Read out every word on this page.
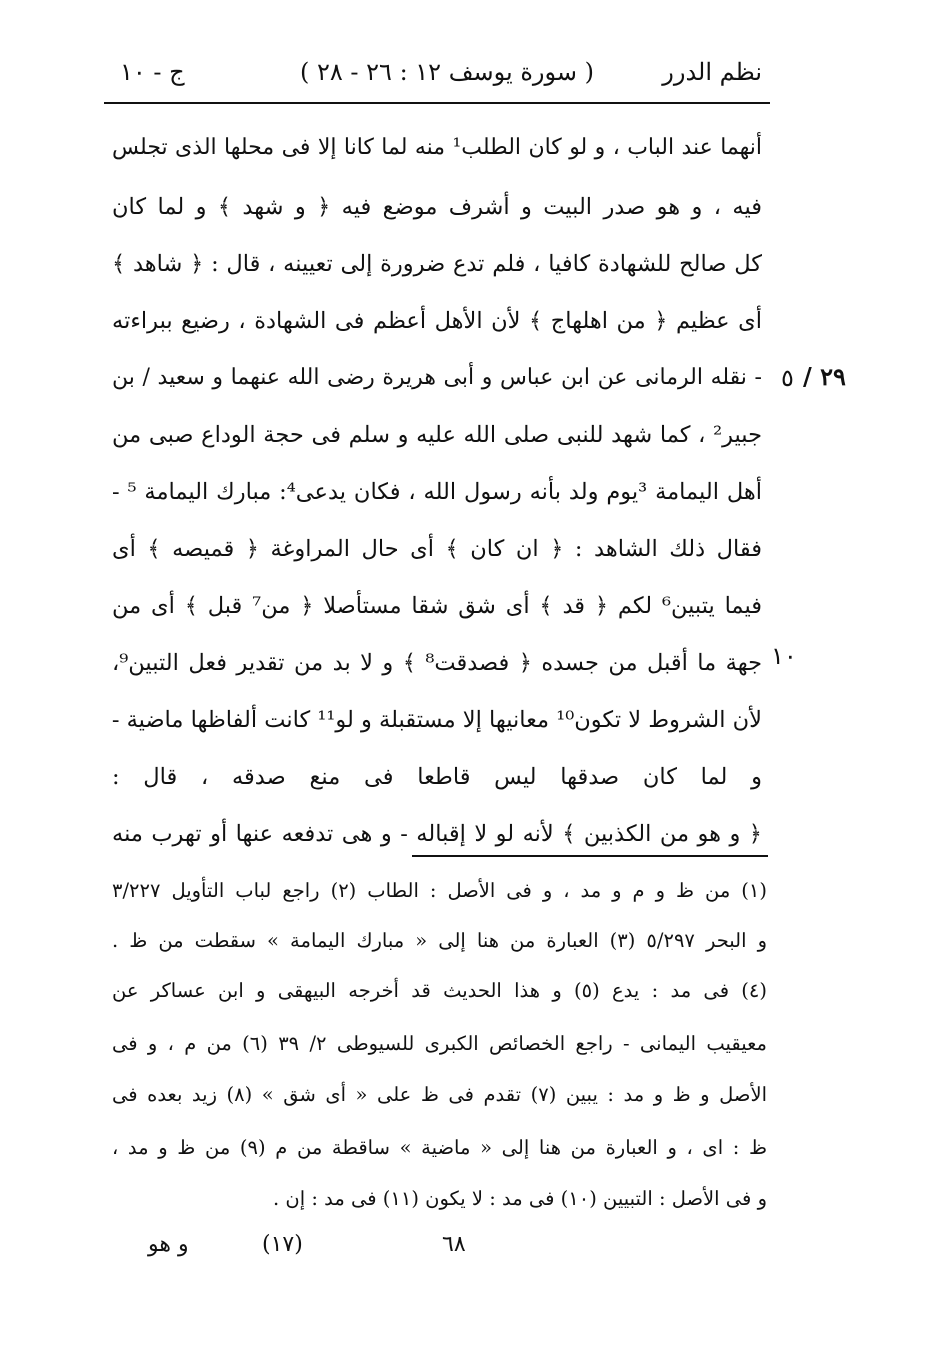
نظم الدرر
( سورة يوسف ١٢ : ٢٦ - ٢٨ )
ج - ١٠
٢٩ /
٥
١٠
أنهما عند الباب ، و لو كان الطلب¹ منه لما كانا إلا فى محلها الذى تجلس
فيه ، و هو صدر البيت و أشرف موضع فيه ﴿ و شهد ﴾ و لما كان
كل صالح للشهادة كافيا ، فلم تدع ضرورة إلى تعيينه ، قال : ﴿ شاهد ﴾
أى عظيم ﴿ من اهلهاج ﴾ لأن الأهل أعظم فى الشهادة ، رضيع ببراءته
- نقله الرمانى عن ابن عباس و أبى هريرة رضى الله عنهما و سعيد / بن
جبير² ، كما شهد للنبى صلى الله عليه و سلم فى حجة الوداع صبى من
أهل اليمامة ³يوم ولد بأنه رسول الله ، فكان يدعى⁴: مبارك اليمامة ⁵ -
فقال ذلك الشاهد : ﴿ ان كان ﴾ أى حال المراوغة ﴿ قميصه ﴾ أى
فيما يتبين⁶ لكم ﴿ قد ﴾ أى شق شقا مستأصلا ﴿ من⁷ قبل ﴾ أى من
جهة ما أقبل من جسده ﴿ فصدقت⁸ ﴾ و لا بد من تقدير فعل التبين⁹،
لأن الشروط لا تكون¹⁰ معانيها إلا مستقبلة و لو¹¹ كانت ألفاظها ماضية -
و لما كان صدقها ليس قاطعا فى منع صدقه ، قال :
﴿ و هو من الكذبين ﴾ لأنه لو لا إقباله - و هى تدفعه عنها أو تهرب منه
(١) من ظ و م و مد ، و فى الأصل : الطاب (٢) راجع لباب التأويل ٣/٢٢٧
و البحر ٥/٢٩٧ (٣) العبارة من هنا إلى « مبارك اليمامة » سقطت من ظ .
(٤) فى مد : يدع (٥) و هذا الحديث قد أخرجه البيهقى و ابن عساكر عن
معيقيب اليمانى - راجع الخصائص الكبرى للسيوطى ٢/ ٣٩ (٦) من م ، و فى
الأصل و ظ و مد : يبين (٧) تقدم فى ظ على « أى شق » (٨) زيد بعده فى
ظ : اى ، و العبارة من هنا إلى « ماضية » ساقطة من م (٩) من ظ و مد ،
و فى الأصل : التبيين (١٠) فى مد : لا يكون (١١) فى مد : إن .
و هو	(١٧)	٦٨
